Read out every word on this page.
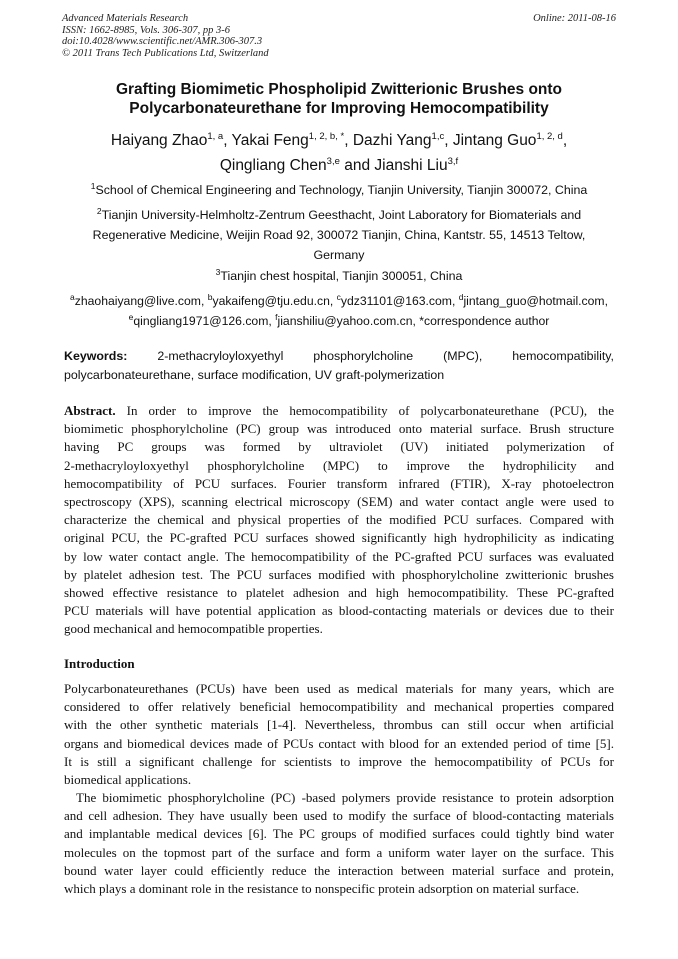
Advanced Materials Research
ISSN: 1662-8985, Vols. 306-307, pp 3-6
doi:10.4028/www.scientific.net/AMR.306-307.3
© 2011 Trans Tech Publications Ltd, Switzerland
Online: 2011-08-16
Grafting Biomimetic Phospholipid Zwitterionic Brushes onto
Polycarbonateurethane for Improving Hemocompatibility
Haiyang Zhao$^{1, a}$, Yakai Feng$^{1, 2, b, *}$, Dazhi Yang$^{1,c}$, Jintang Guo$^{1, 2, d}$,
Qingliang Chen$^{3,e}$ and Jianshi Liu$^{3,f}$
$^1$School of Chemical Engineering and Technology, Tianjin University, Tianjin 300072, China
$^2$Tianjin University-Helmholtz-Zentrum Geesthacht, Joint Laboratory for Biomaterials and
Regenerative Medicine, Weijin Road 92, 300072 Tianjin, China, Kantstr. 55, 14513 Teltow,
Germany
$^3$Tianjin chest hospital, Tianjin 300051, China
$^a$zhaohaiyang@live.com, $^b$yakaifeng@tju.edu.cn, $^c$ydz31101@163.com, $^d$jintang_guo@hotmail.com,
$^e$qingliang1971@126.com, $^f$jianshiliu@yahoo.com.cn, *correspondence author
Keywords: 2-methacryloyloxyethyl phosphorylcholine (MPC), hemocompatibility,
polycarbonateurethane, surface modification, UV graft-polymerization
Abstract. In order to improve the hemocompatibility of polycarbonateurethane (PCU), the
biomimetic phosphorylcholine (PC) group was introduced onto material surface. Brush structure
having PC groups was formed by ultraviolet (UV) initiated polymerization of
2-methacryloyloxyethyl phosphorylcholine (MPC) to improve the hydrophilicity and
hemocompatibility of PCU surfaces. Fourier transform infrared (FTIR), X-ray photoelectron
spectroscopy (XPS), scanning electrical microscopy (SEM) and water contact angle were used to
characterize the chemical and physical properties of the modified PCU surfaces. Compared with
original PCU, the PC-grafted PCU surfaces showed significantly high hydrophilicity as indicating
by low water contact angle. The hemocompatibility of the PC-grafted PCU surfaces was evaluated
by platelet adhesion test. The PCU surfaces modified with phosphorylcholine zwitterionic brushes
showed effective resistance to platelet adhesion and high hemocompatibility. These PC-grafted
PCU materials will have potential application as blood-contacting materials or devices due to their
good mechanical and hemocompatible properties.
Introduction
Polycarbonateurethanes (PCUs) have been used as medical materials for many years, which are
considered to offer relatively beneficial hemocompatibility and mechanical properties compared
with the other synthetic materials [1-4]. Nevertheless, thrombus can still occur when artificial
organs and biomedical devices made of PCUs contact with blood for an extended period of time [5].
It is still a significant challenge for scientists to improve the hemocompatibility of PCUs for
biomedical applications.
The biomimetic phosphorylcholine (PC) -based polymers provide resistance to protein adsorption
and cell adhesion. They have usually been used to modify the surface of blood-contacting materials
and implantable medical devices [6]. The PC groups of modified surfaces could tightly bind water
molecules on the topmost part of the surface and form a uniform water layer on the surface. This
bound water layer could efficiently reduce the interaction between material surface and protein,
which plays a dominant role in the resistance to nonspecific protein adsorption on material surface.
